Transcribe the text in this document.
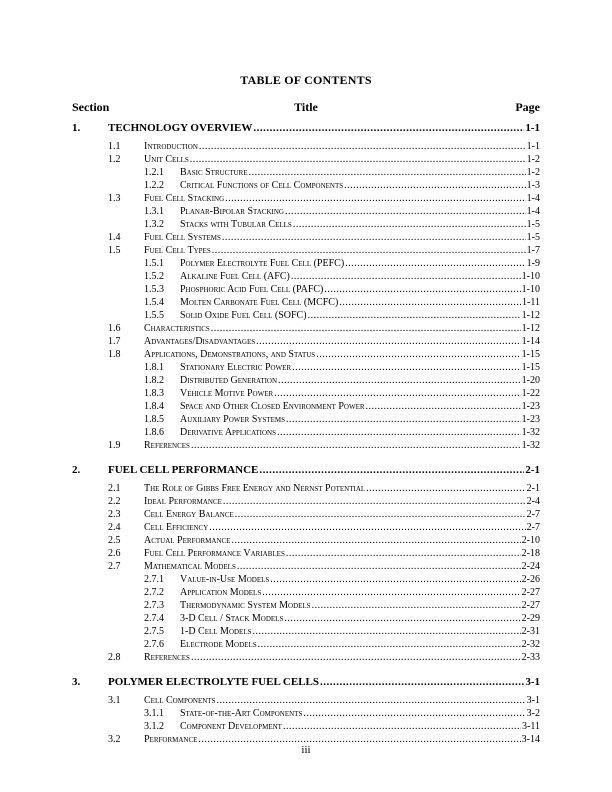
TABLE OF CONTENTS
Section	Title	Page
1.	TECHNOLOGY OVERVIEW .....	1-1
1.1 Introduction .....	1-1
1.2 Unit Cells .....	1-2
1.2.1 Basic Structure .....	1-2
1.2.2 Critical Functions of Cell Components .....	1-3
1.3 Fuel Cell Stacking .....	1-4
1.3.1 Planar-Bipolar Stacking .....	1-4
1.3.2 Stacks with Tubular Cells .....	1-5
1.4 Fuel Cell Systems .....	1-5
1.5 Fuel Cell Types .....	1-7
1.5.1 Polymer Electrolyte Fuel Cell (PEFC) .....	1-9
1.5.2 Alkaline Fuel Cell (AFC) .....	1-10
1.5.3 Phosphoric Acid Fuel Cell (PAFC) .....	1-10
1.5.4 Molten Carbonate Fuel Cell (MCFC) .....	1-11
1.5.5 Solid Oxide Fuel Cell (SOFC) .....	1-12
1.6 Characteristics .....	1-12
1.7 Advantages/Disadvantages .....	1-14
1.8 Applications, Demonstrations, and Status .....	1-15
1.8.1 Stationary Electric Power .....	1-15
1.8.2 Distributed Generation .....	1-20
1.8.3 Vehicle Motive Power .....	1-22
1.8.4 Space and Other Closed Environment Power .....	1-23
1.8.5 Auxiliary Power Systems .....	1-23
1.8.6 Derivative Applications .....	1-32
1.9 References .....	1-32
2.	FUEL CELL PERFORMANCE .....	2-1
2.1 The Role of Gibbs Free Energy and Nernst Potential .....	2-1
2.2 Ideal Performance .....	2-4
2.3 Cell Energy Balance .....	2-7
2.4 Cell Efficiency .....	2-7
2.5 Actual Performance .....	2-10
2.6 Fuel Cell Performance Variables .....	2-18
2.7 Mathematical Models .....	2-24
2.7.1 Value-in-Use Models .....	2-26
2.7.2 Application Models .....	2-27
2.7.3 Thermodynamic System Models .....	2-27
2.7.4 3-D Cell / Stack Models .....	2-29
2.7.5 1-D Cell Models .....	2-31
2.7.6 Electrode Models .....	2-32
2.8 References .....	2-33
3.	POLYMER ELECTROLYTE FUEL CELLS .....	3-1
3.1 Cell Components .....	3-1
3.1.1 State-of-the-Art Components .....	3-2
3.1.2 Component Development .....	3-11
3.2 Performance .....	3-14
iii
